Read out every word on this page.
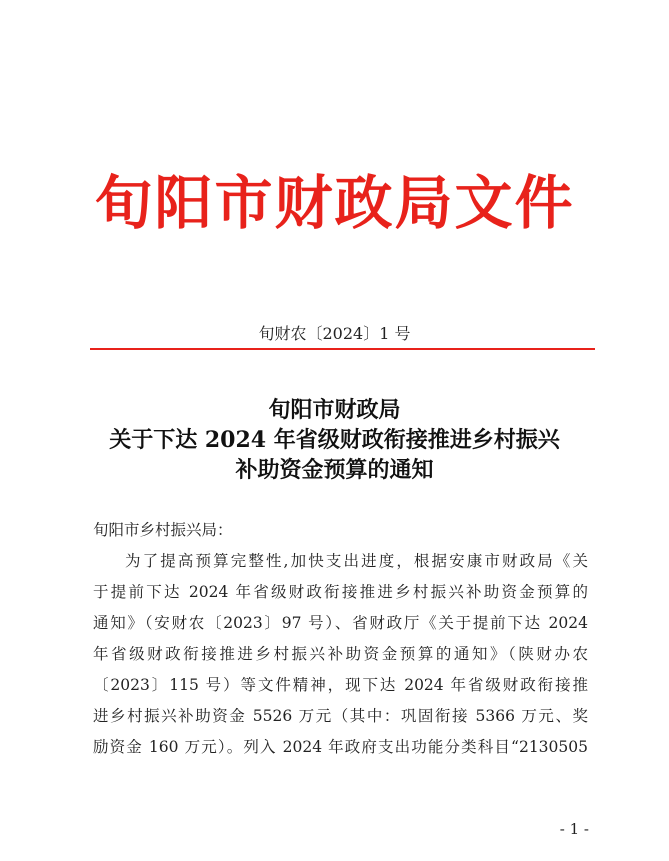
旬阳市财政局文件
旬财农〔2024〕1 号
旬阳市财政局
关于下达 2024 年省级财政衔接推进乡村振兴
补助资金预算的通知
旬阳市乡村振兴局：
为了提高预算完整性,加快支出进度，根据安康市财政局《关
于提前下达 2024 年省级财政衔接推进乡村振兴补助资金预算的
通知》（安财农〔2023〕97 号）、省财政厅《关于提前下达 2024
年省级财政衔接推进乡村振兴补助资金预算的通知》（陕财办农
〔2023〕115 号）等文件精神，现下达 2024 年省级财政衔接推
进乡村振兴补助资金 5526 万元（其中：巩固衔接 5366 万元、奖
励资金 160 万元）。列入 2024 年政府支出功能分类科目“2130505
- 1 -
